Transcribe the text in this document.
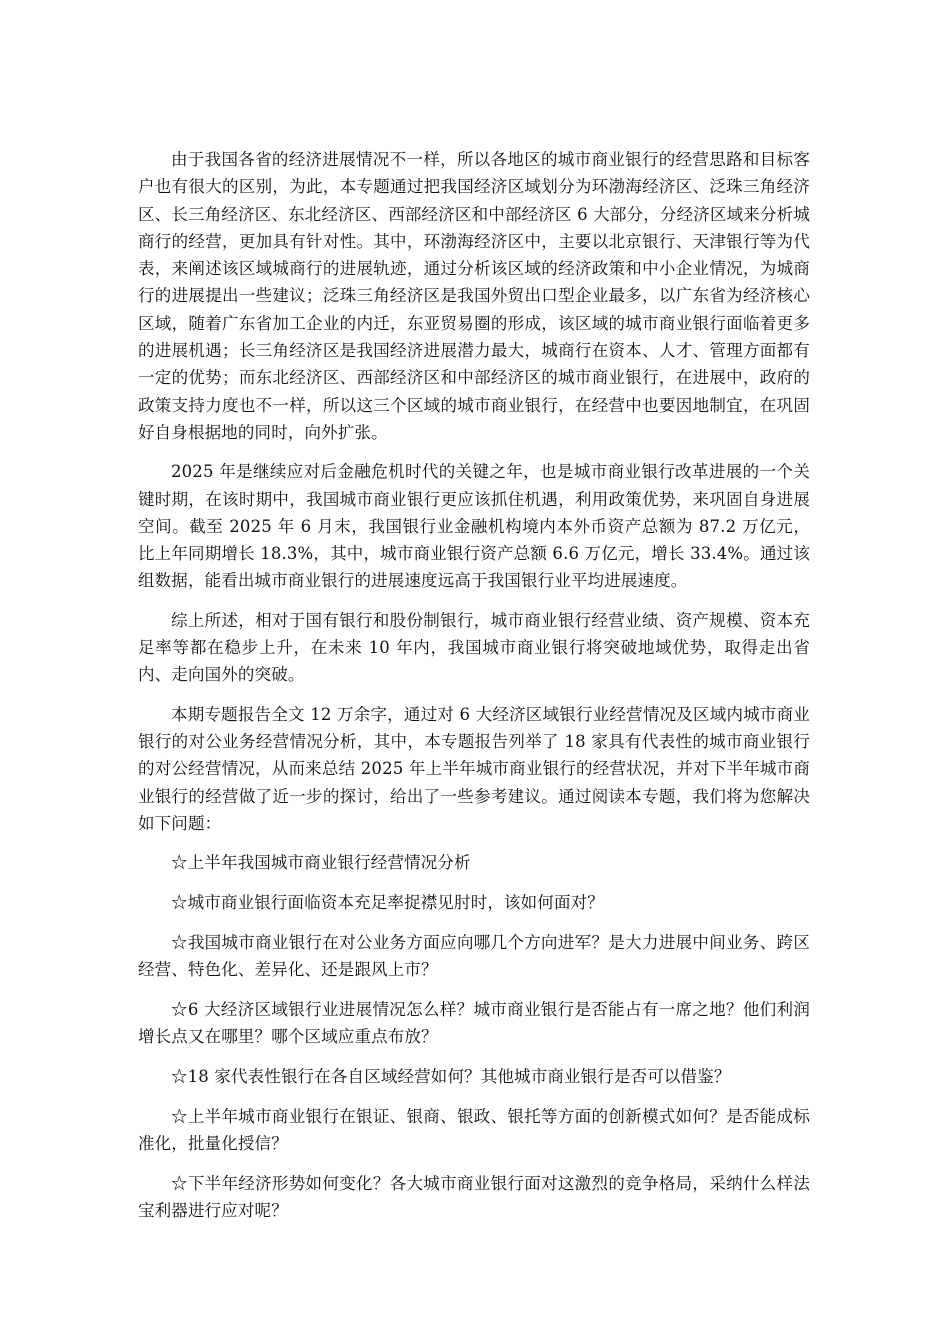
由于我国各省的经济进展情况不一样，所以各地区的城市商业银行的经营思路和目标客户也有很大的区别，为此，本专题通过把我国经济区域划分为环渤海经济区、泛珠三角经济区、长三角经济区、东北经济区、西部经济区和中部经济区 6 大部分，分经济区域来分析城商行的经营，更加具有针对性。其中，环渤海经济区中，主要以北京银行、天津银行等为代表，来阐述该区域城商行的进展轨迹，通过分析该区域的经济政策和中小企业情况，为城商行的进展提出一些建议；泛珠三角经济区是我国外贸出口型企业最多，以广东省为经济核心区域，随着广东省加工企业的内迁，东亚贸易圈的形成，该区域的城市商业银行面临着更多的进展机遇；长三角经济区是我国经济进展潜力最大，城商行在资本、人才、管理方面都有一定的优势；而东北经济区、西部经济区和中部经济区的城市商业银行，在进展中，政府的政策支持力度也不一样，所以这三个区域的城市商业银行，在经营中也要因地制宜，在巩固好自身根据地的同时，向外扩张。

2025 年是继续应对后金融危机时代的关键之年，也是城市商业银行改革进展的一个关键时期，在该时期中，我国城市商业银行更应该抓住机遇，利用政策优势，来巩固自身进展空间。截至 2025 年 6 月末，我国银行业金融机构境内本外币资产总额为 87.2 万亿元，比上年同期增长 18.3%，其中，城市商业银行资产总额 6.6 万亿元，增长 33.4%。通过该组数据，能看出城市商业银行的进展速度远高于我国银行业平均进展速度。

综上所述，相对于国有银行和股份制银行，城市商业银行经营业绩、资产规模、资本充足率等都在稳步上升，在未来 10 年内，我国城市商业银行将突破地域优势，取得走出省内、走向国外的突破。

本期专题报告全文 12 万余字，通过对 6 大经济区域银行业经营情况及区域内城市商业银行的对公业务经营情况分析，其中，本专题报告列举了 18 家具有代表性的城市商业银行的对公经营情况，从而来总结 2025 年上半年城市商业银行的经营状况，并对下半年城市商业银行的经营做了近一步的探讨，给出了一些参考建议。通过阅读本专题，我们将为您解决如下问题：

☆上半年我国城市商业银行经营情况分析

☆城市商业银行面临资本充足率捉襟见肘时，该如何面对？

☆我国城市商业银行在对公业务方面应向哪几个方向进军？是大力进展中间业务、跨区经营、特色化、差异化、还是跟风上市？

☆6 大经济区域银行业进展情况怎么样？城市商业银行是否能占有一席之地？他们利润增长点又在哪里？哪个区域应重点布放？

☆18 家代表性银行在各自区域经营如何？其他城市商业银行是否可以借鉴？

☆上半年城市商业银行在银证、银商、银政、银托等方面的创新模式如何？是否能成标准化，批量化授信？

☆下半年经济形势如何变化？各大城市商业银行面对这激烈的竞争格局，采纳什么样法宝利器进行应对呢？
